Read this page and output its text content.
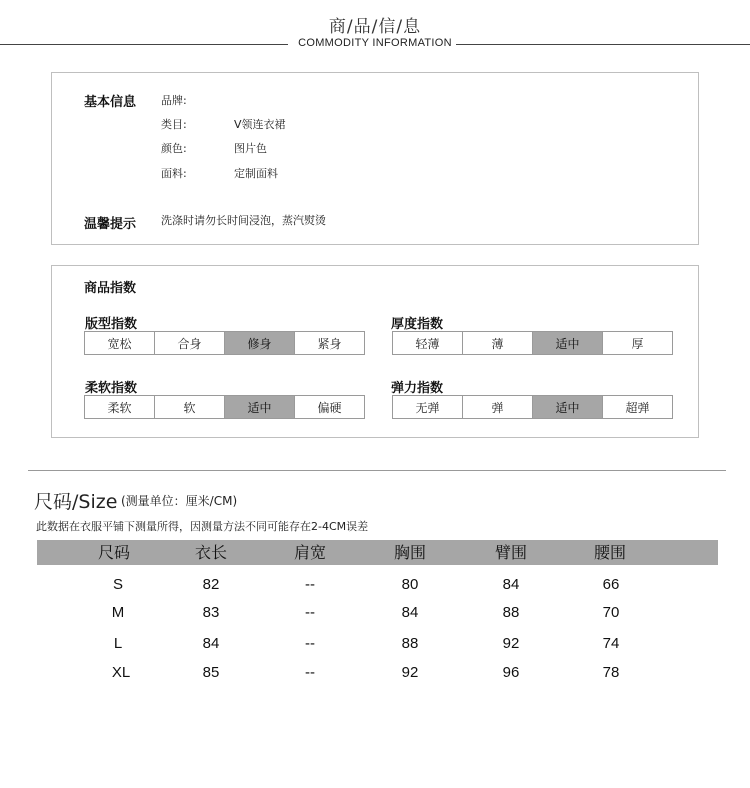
商/品/信/息
COMMODITY INFORMATION
基本信息 品牌:
类目:	V领连衣裙
颜色:	图片色
面料:	定制面料
温馨提示 洗涤时请勿长时间浸泡，蒸汽熨烫
商品指数
版型指数
宽松	合身	修身	紧身
厚度指数
轻薄	薄	适中	厚
柔软指数
柔软	软	适中	偏硬
弹力指数
无弹	弹	适中	超弹
尺码/Size (测量单位：厘米/CM)
此数据在衣服平铺下测量所得，因测量方法不同可能存在2-4CM误差
尺码	衣长	肩宽	胸围	臂围	腰围
S	82	--	80	84	66
M	83	--	84	88	70
L	84	--	88	92	74
XL	85	--	92	96	78
